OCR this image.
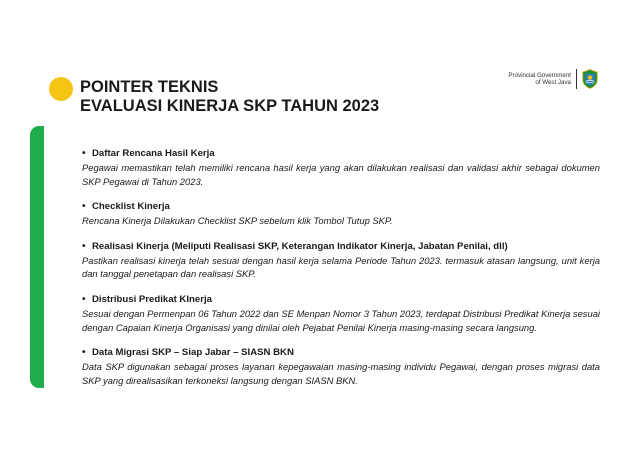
POINTER TEKNIS
EVALUASI KINERJA SKP TAHUN 2023
Provincial Government
of West Java

• Daftar Rencana Hasil Kerja

Pegawai memastikan telah memiliki rencana hasil kerja yang akan dilakukan realisasi dan validasi akhir sebagai dokumen SKP Pegawai di Tahun 2023.

• Checklist Kinerja

Rencana Kinerja Dilakukan Checklist SKP sebelum klik Tombol Tutup SKP.

• Realisasi Kinerja (Meliputi Realisasi SKP, Keterangan Indikator Kinerja, Jabatan Penilai, dll)

Pastikan realisasi kinerja telah sesuai dengan hasil kerja selama Periode Tahun 2023. termasuk atasan langsung, unit kerja dan tanggal penetapan dan realisasi SKP.

• Distribusi Predikat KInerja

Sesuai dengan Permenpan 06 Tahun 2022 dan SE Menpan Nomor 3 Tahun 2023, terdapat Distribusi Predikat Kinerja sesuai dengan Capaian Kinerja Organisasi yang dinilai oleh Pejabat Penilai Kinerja masing-masing secara langsung.

• Data Migrasi SKP – Siap Jabar – SIASN BKN

Data SKP digunakan sebagai proses layanan kepegawaian masing-masing individu Pegawai, dengan proses migrasi data SKP yang direalisasikan terkoneksi langsung dengan SIASN BKN.
